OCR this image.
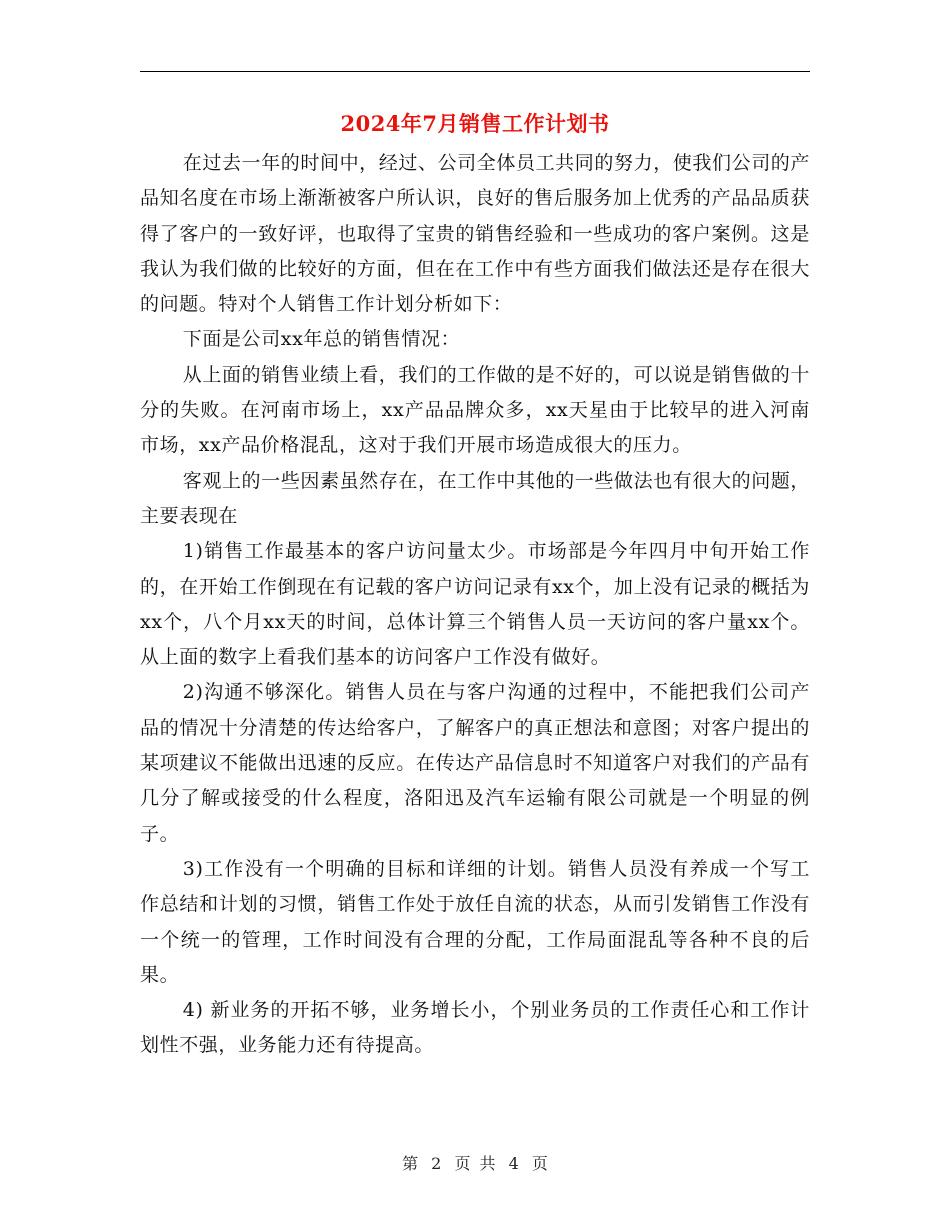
2024年7月销售工作计划书

在过去一年的时间中，经过、公司全体员工共同的努力，使我们公司的产品知名度在市场上渐渐被客户所认识，良好的售后服务加上优秀的产品品质获得了客户的一致好评，也取得了宝贵的销售经验和一些成功的客户案例。这是我认为我们做的比较好的方面，但在在工作中有些方面我们做法还是存在很大的问题。特对个人销售工作计划分析如下：

下面是公司xx年总的销售情况：

从上面的销售业绩上看，我们的工作做的是不好的，可以说是销售做的十分的失败。在河南市场上，xx产品品牌众多，xx天星由于比较早的进入河南市场，xx产品价格混乱，这对于我们开展市场造成很大的压力。

客观上的一些因素虽然存在，在工作中其他的一些做法也有很大的问题，主要表现在

1)销售工作最基本的客户访问量太少。市场部是今年四月中旬开始工作的，在开始工作倒现在有记载的客户访问记录有xx个，加上没有记录的概括为xx个，八个月xx天的时间，总体计算三个销售人员一天访问的客户量xx个。从上面的数字上看我们基本的访问客户工作没有做好。

2)沟通不够深化。销售人员在与客户沟通的过程中，不能把我们公司产品的情况十分清楚的传达给客户，了解客户的真正想法和意图；对客户提出的某项建议不能做出迅速的反应。在传达产品信息时不知道客户对我们的产品有几分了解或接受的什么程度，洛阳迅及汽车运输有限公司就是一个明显的例子。

3)工作没有一个明确的目标和详细的计划。销售人员没有养成一个写工作总结和计划的习惯，销售工作处于放任自流的状态，从而引发销售工作没有一个统一的管理，工作时间没有合理的分配，工作局面混乱等各种不良的后果。

4) 新业务的开拓不够，业务增长小，个别业务员的工作责任心和工作计划性不强，业务能力还有待提高。

第 2 页 共 4 页
